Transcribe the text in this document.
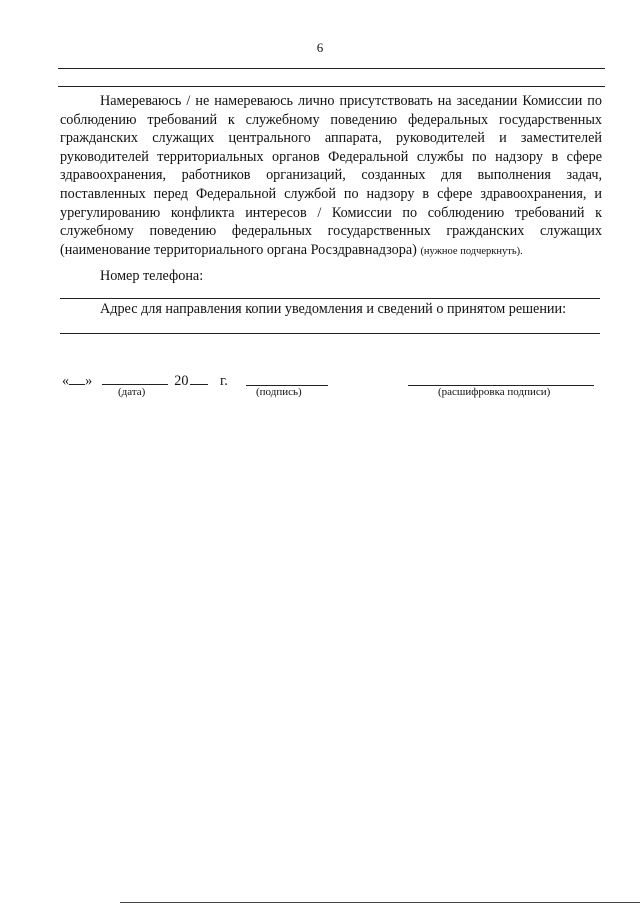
6
Намереваюсь / не намереваюсь лично присутствовать на заседании Комиссии по соблюдению требований к служебному поведению федеральных государственных гражданских служащих центрального аппарата, руководителей и заместителей руководителей территориальных органов Федеральной службы по надзору в сфере здравоохранения, работников организаций, созданных для выполнения задач, поставленных перед Федеральной службой по надзору в сфере здравоохранения, и урегулированию конфликта интересов / Комиссии по соблюдению требований к служебному поведению федеральных государственных гражданских служащих (наименование территориального органа Росздравнадзора) (нужное подчеркнуть).
Номер телефона:
Адрес для направления копии уведомления и сведений о принятом решении:
« »	20 г.
(дата)	(подпись)	(расшифровка подписи)
